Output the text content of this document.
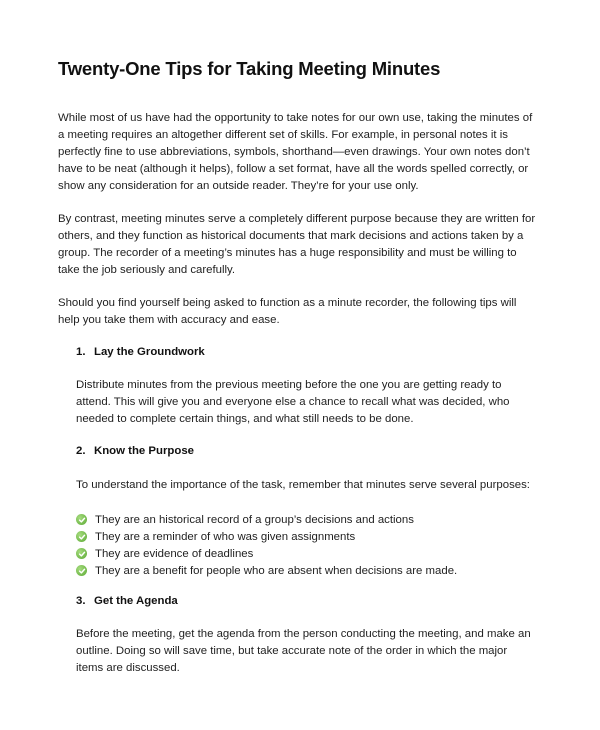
Twenty-One Tips for Taking Meeting Minutes

While most of us have had the opportunity to take notes for our own use, taking the minutes of
a meeting requires an altogether different set of skills. For example, in personal notes it is
perfectly fine to use abbreviations, symbols, shorthand—even drawings. Your own notes don’t
have to be neat (although it helps), follow a set format, have all the words spelled correctly, or
show any consideration for an outside reader. They’re for your use only.

By contrast, meeting minutes serve a completely different purpose because they are written for
others, and they function as historical documents that mark decisions and actions taken by a
group. The recorder of a meeting’s minutes has a huge responsibility and must be willing to
take the job seriously and carefully.

Should you find yourself being asked to function as a minute recorder, the following tips will
help you take them with accuracy and ease.

1. Lay the Groundwork

Distribute minutes from the previous meeting before the one you are getting ready to
attend. This will give you and everyone else a chance to recall what was decided, who
needed to complete certain things, and what still needs to be done.

2. Know the Purpose

To understand the importance of the task, remember that minutes serve several purposes:

They are an historical record of a group’s decisions and actions
They are a reminder of who was given assignments
They are evidence of deadlines
They are a benefit for people who are absent when decisions are made.
3. Get the Agenda

Before the meeting, get the agenda from the person conducting the meeting, and make an
outline. Doing so will save time, but take accurate note of the order in which the major
items are discussed.
